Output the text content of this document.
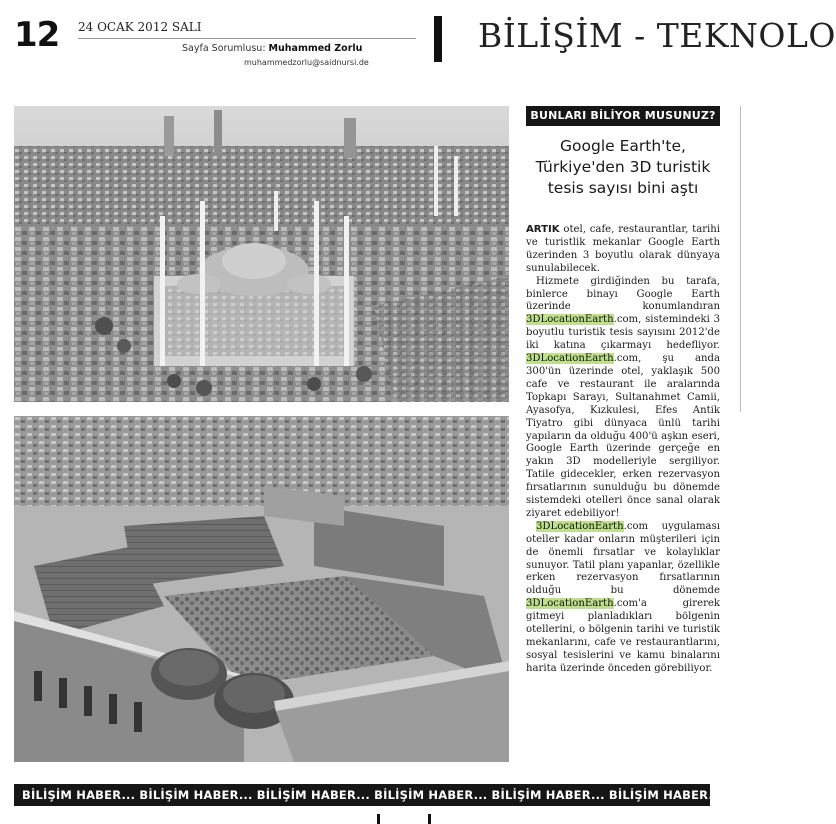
12 24 OCAK 2012 SALI
Sayfa Sorumlusu: Muhammed Zorlu
muhammedzorlu@saidnursi.de
BİLİŞİM - TEKNOLO
BUNLARI BİLİYOR MUSUNUZ?
Google Earth'te, Türkiye'den 3D turistik tesis sayısı bini aştı

ARTIK otel, cafe, restaurantlar, tarihi ve turistlik mekanlar Google Earth üzerinden 3 boyutlu olarak dünyaya sunulabilecek.

Hizmete girdiğinden bu tarafa, binlerce binayı Google Earth üzerinde konumlandıran 3DLocationEarth.com, sistemindeki 3 boyutlu turistik tesis sayısını 2012'de iki katına çıkarmayı hedefliyor. 3DLocationEarth.com, şu anda 300'ün üzerinde otel, yaklaşık 500 cafe ve restaurant ile aralarında Topkapı Sarayı, Sultanahmet Camii, Ayasofya, Kızkulesi, Efes Antik Tiyatro gibi dünyaca ünlü tarihi yapıların da olduğu 400'ü aşkın eseri, Google Earth üzerinde gerçeğe en yakın 3D modelleriyle sergiliyor. Tatile gidecekler, erken rezervasyon fırsatlarının sunulduğu bu dönemde sistemdeki otelleri önce sanal olarak ziyaret edebiliyor!

3DLocationEarth.com uygulaması oteller kadar onların müşterileri için de önemli fırsatlar ve kolaylıklar sunuyor. Tatil planı yapanlar, özellikle erken rezervasyon fırsatlarının olduğu bu dönemde 3DLocationEarth.com'a girerek gitmeyi planladıkları bölgenin otellerini, o bölgenin tarihi ve turistik mekanlarını, cafe ve restaurantlarını, sosyal tesislerini ve kamu binalarını harita üzerinde önceden görebiliyor.

BİLİŞİM HABER... BİLİŞİM HABER... BİLİŞİM HABER... BİLİŞİM HABER... BİLİŞİM HABER... BİLİŞİM HABER...
